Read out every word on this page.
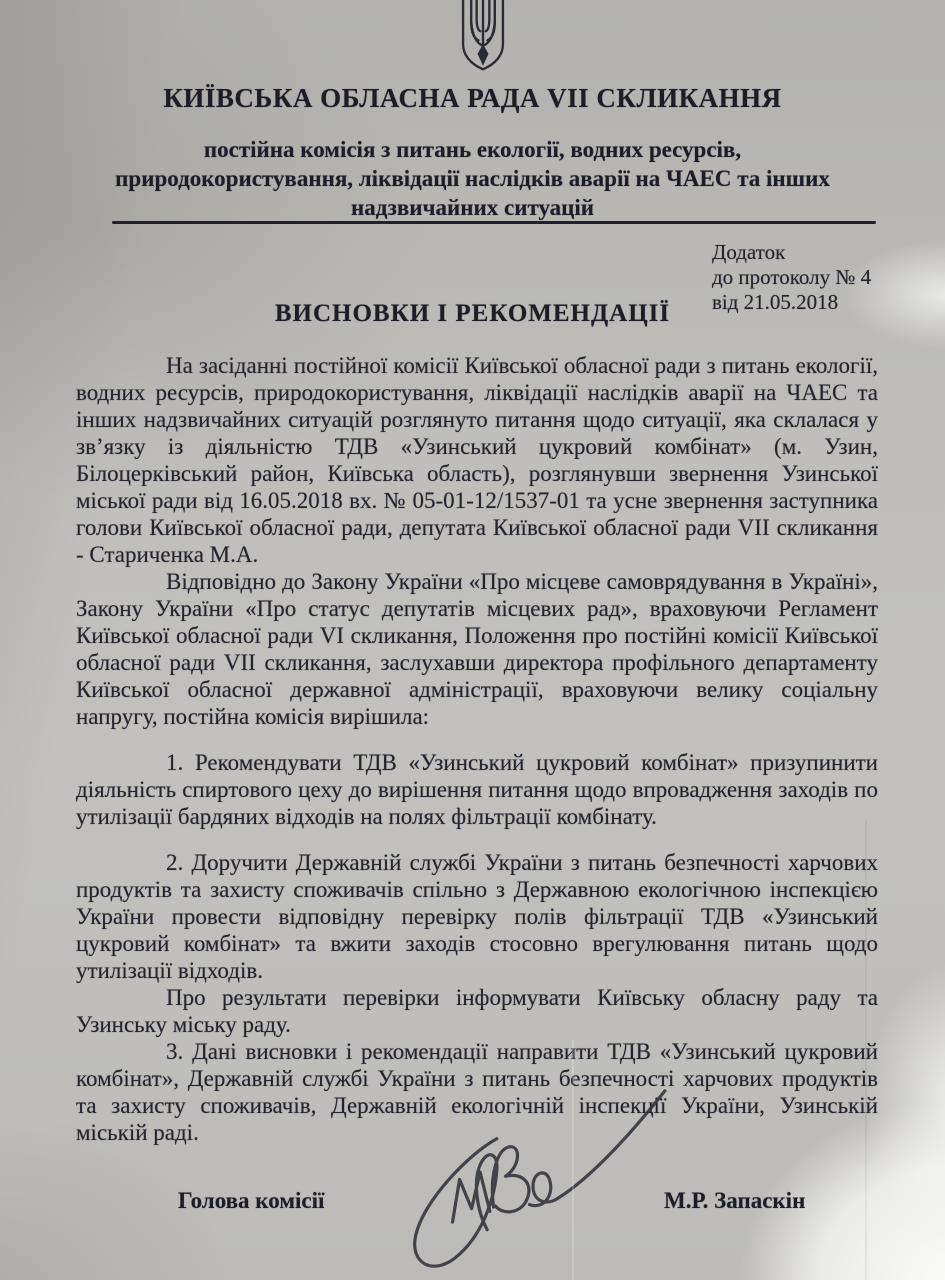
КИЇВСЬКА ОБЛАСНА РАДА VII СКЛИКАННЯ
постійна комісія з питань екології, водних ресурсів,
природокористування, ліквідації наслідків аварії на ЧАЕС та інших
надзвичайних ситуацій
Додаток
до протоколу № 4
від 21.05.2018
ВИСНОВКИ І РЕКОМЕНДАЦІЇ

На засіданні постійної комісії Київської обласної ради з питань екології, водних ресурсів, природокористування, ліквідації наслідків аварії на ЧАЕС та інших надзвичайних ситуацій розглянуто питання щодо ситуації, яка склалася у зв’язку із діяльністю ТДВ «Узинський цукровий комбінат» (м. Узин, Білоцерківський район, Київська область), розглянувши звернення Узинської міської ради від 16.05.2018 вх. № 05-01-12/1537-01 та усне звернення заступника голови Київської обласної ради, депутата Київської обласної ради VII скликання - Стариченка М.А.

Відповідно до Закону України «Про місцеве самоврядування в Україні», Закону України «Про статус депутатів місцевих рад», враховуючи Регламент Київської обласної ради VI скликання, Положення про постійні комісії Київської обласної ради VII скликання, заслухавши директора профільного департаменту Київської обласної державної адміністрації, враховуючи велику соціальну напругу, постійна комісія вирішила:

1. Рекомендувати ТДВ «Узинський цукровий комбінат» призупинити діяльність спиртового цеху до вирішення питання щодо впровадження заходів по утилізації бардяних відходів на полях фільтрації комбінату.

2. Доручити Державній службі України з питань безпечності харчових продуктів та захисту споживачів спільно з Державною екологічною інспекцією України провести відповідну перевірку полів фільтрації ТДВ «Узинський цукровий комбінат» та вжити заходів стосовно врегулювання питань щодо утилізації відходів.

Про результати перевірки інформувати Київську обласну раду та Узинську міську раду.

3. Дані висновки і рекомендації направити ТДВ «Узинський цукровий комбінат», Державній службі України з питань безпечності харчових продуктів та захисту споживачів, Державній екологічній інспекції України, Узинській міській раді.

Голова комісії	М.Р. Запаскін
